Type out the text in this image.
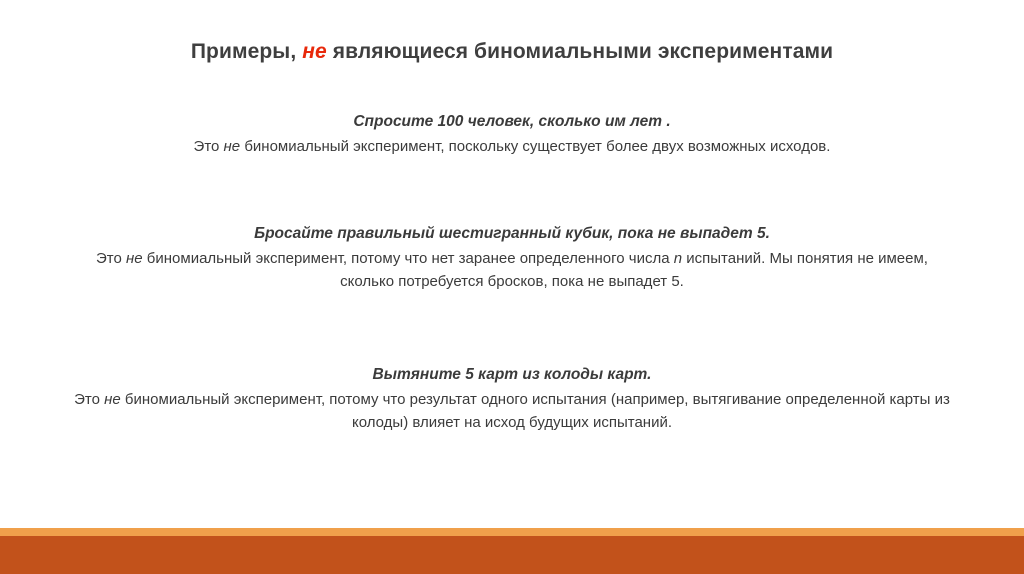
Примеры, не являющиеся биномиальными экспериментами

Спросите 100 человек, сколько им лет .

Это не биномиальный эксперимент, поскольку существует более двух возможных исходов.

Бросайте правильный шестигранный кубик, пока не выпадет 5.

Это не биномиальный эксперимент, потому что нет заранее определенного числа n испытаний. Мы понятия не имеем, сколько потребуется бросков, пока не выпадет 5.

Вытяните 5 карт из колоды карт.

Это не биномиальный эксперимент, потому что результат одного испытания (например, вытягивание определенной карты из колоды) влияет на исход будущих испытаний.
